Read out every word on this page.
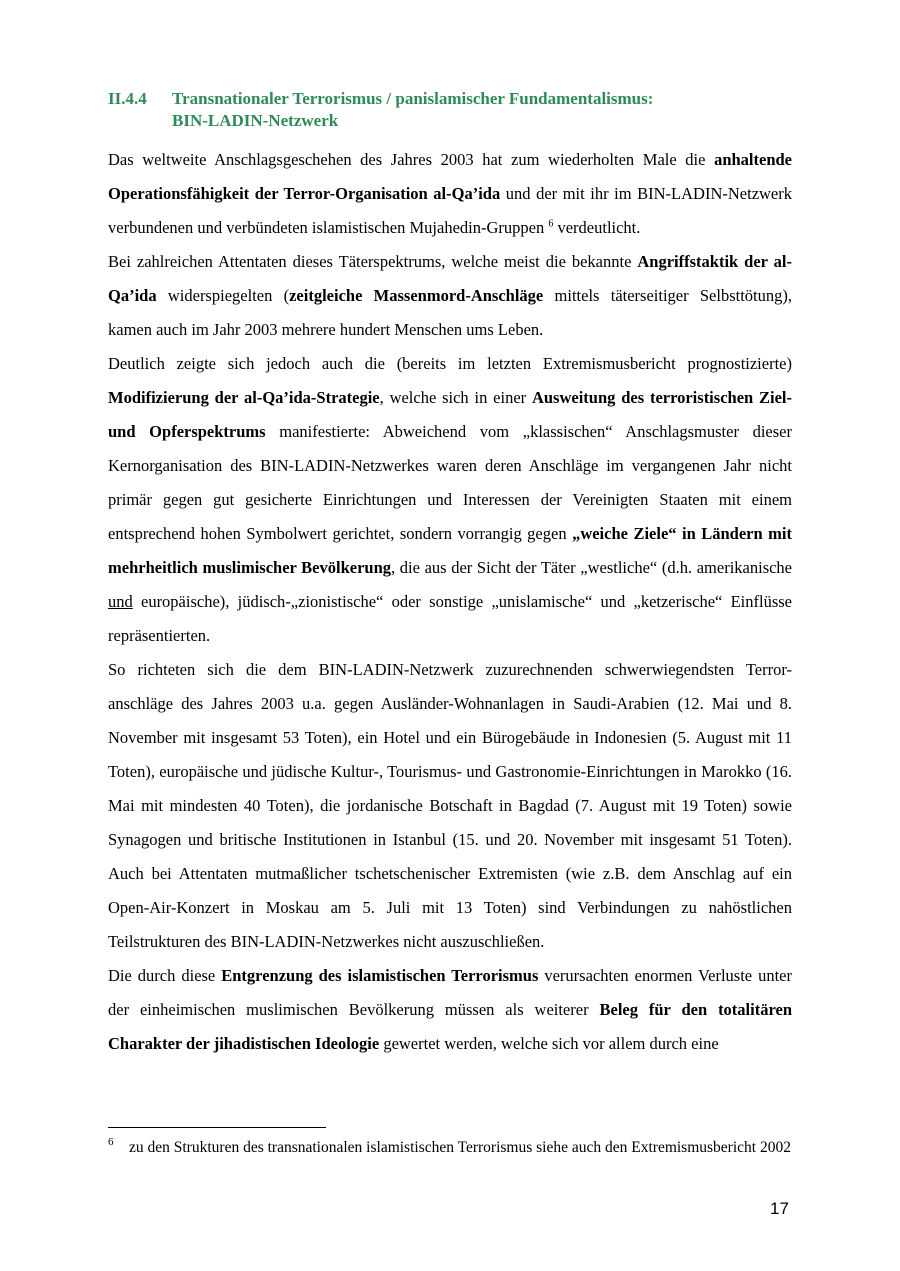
II.4.4 Transnationaler Terrorismus / panislamischer Fundamentalismus:
BIN-LADIN-Netzwerk

Das weltweite Anschlagsgeschehen des Jahres 2003 hat zum wiederholten Male die anhaltende Operationsfähigkeit der Terror-Organisation al-Qa’ida und der mit ihr im BIN-LADIN-Netzwerk verbundenen und verbündeten islamistischen Mujahedin-Gruppen $^6$ verdeutlicht.

Bei zahlreichen Attentaten dieses Täterspektrums, welche meist die bekannte Angriffstaktik der al-Qa’ida widerspiegelten (zeitgleiche Massenmord-Anschläge mittels täterseitiger Selbsttötung), kamen auch im Jahr 2003 mehrere hundert Menschen ums Leben.

Deutlich zeigte sich jedoch auch die (bereits im letzten Extremismusbericht prognostizierte) Modifizierung der al-Qa’ida-Strategie, welche sich in einer Ausweitung des terroristischen Ziel- und Opferspektrums manifestierte: Abweichend vom „klassischen“ Anschlagsmuster dieser Kernorganisation des BIN-LADIN-Netzwerkes waren deren Anschläge im vergangenen Jahr nicht primär gegen gut gesicherte Einrichtungen und Interessen der Vereinigten Staaten mit einem entsprechend hohen Symbolwert gerichtet, sondern vorrangig gegen „weiche Ziele“ in Ländern mit mehrheitlich muslimischer Bevölkerung, die aus der Sicht der Täter „westliche“ (d.h. amerikanische und europäische), jüdisch-„zionistische“ oder sonstige „unislamische“ und „ketzerische“ Einflüsse repräsentierten.

So richteten sich die dem BIN-LADIN-Netzwerk zuzurechnenden schwerwiegendsten Terror-anschläge des Jahres 2003 u.a. gegen Ausländer-Wohnanlagen in Saudi-Arabien (12. Mai und 8. November mit insgesamt 53 Toten), ein Hotel und ein Bürogebäude in Indonesien (5. August mit 11 Toten), europäische und jüdische Kultur-, Tourismus- und Gastronomie-Einrichtungen in Marokko (16. Mai mit mindesten 40 Toten), die jordanische Botschaft in Bagdad (7. August mit 19 Toten) sowie Synagogen und britische Institutionen in Istanbul (15. und 20. November mit insgesamt 51 Toten). Auch bei Attentaten mutmaßlicher tschetschenischer Extremisten (wie z.B. dem Anschlag auf ein Open-Air-Konzert in Moskau am 5. Juli mit 13 Toten) sind Verbindungen zu nahöstlichen Teilstrukturen des BIN-LADIN-Netzwerkes nicht auszuschließen.

Die durch diese Entgrenzung des islamistischen Terrorismus verursachten enormen Verluste unter der einheimischen muslimischen Bevölkerung müssen als weiterer Beleg für den totalitären Charakter der jihadistischen Ideologie gewertet werden, welche sich vor allem durch eine

6 zu den Strukturen des transnationalen islamistischen Terrorismus siehe auch den Extremismusbericht 2002
17
